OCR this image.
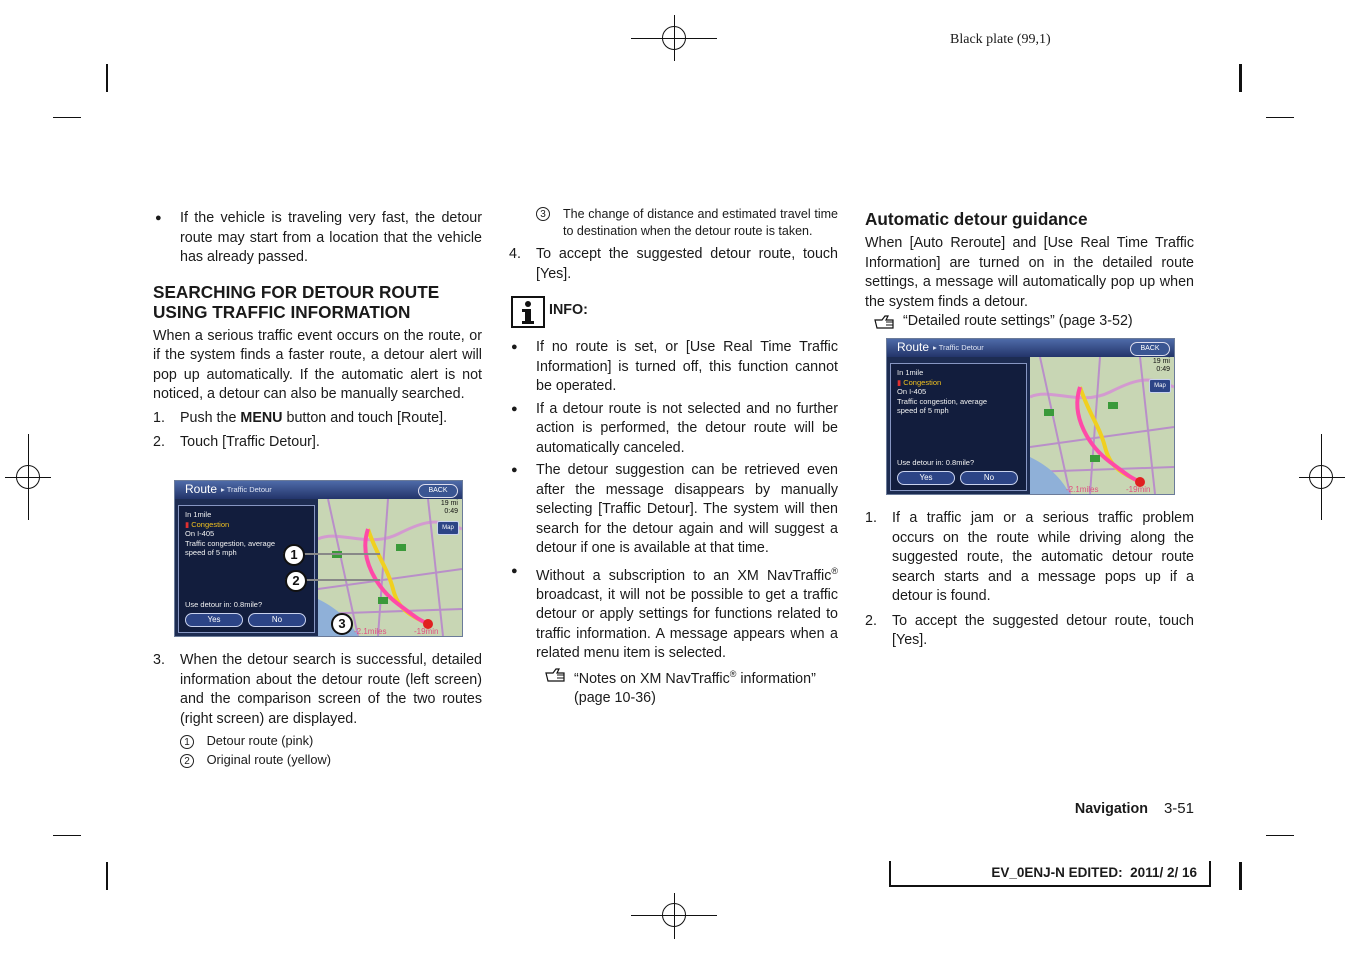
Black plate (99,1)
● If the vehicle is traveling very fast, the detour route may start from a location that the vehicle has already passed.
SEARCHING FOR DETOUR ROUTE
USING TRAFFIC INFORMATION

When a serious traffic event occurs on the route, or if the system finds a faster route, a detour alert will pop up automatically. If the automatic alert is not noticed, a detour can also be manually searched.

1. Push the MENU button and touch [Route].
2. Touch [Traffic Detour].
Route ▸ Traffic Detour	BACK
In 1mile
▮ Congestion
On I-405
Traffic congestion, average
speed of 5 mph
Use detour in: 0.8mile?
Yes	No
Map
19 mi
0:49
-2.1miles	-19min
1
2
3
3. When the detour search is successful, detailed information about the detour route (left screen) and the comparison screen of the two routes (right screen) are displayed.
1 Detour route (pink)
2 Original route (yellow)
3	The change of distance and estimated travel time to destination when the detour route is taken.
4. To accept the suggested detour route, touch [Yes].
INFO:
● If no route is set, or [Use Real Time Traffic Information] is turned off, this function cannot be operated.
● If a detour route is not selected and no further action is performed, the detour route will be automatically canceled.
● The detour suggestion can be retrieved even after the message disappears by manually selecting [Traffic Detour]. The system will then search for the detour again and will suggest a detour if one is available at that time.
● Without a subscription to an XM NavTraffic® broadcast, it will not be possible to get a traffic detour or apply settings for functions related to traffic information. A message appears when a related menu item is selected.
“Notes on XM NavTraffic® information” (page 10-36)
Automatic detour guidance

When [Auto Reroute] and [Use Real Time Traffic Information] are turned on in the detailed route settings, a message will automatically pop up when the system finds a detour.

“Detailed route settings” (page 3-52)
Route ▸ Traffic Detour	BACK
In 1mile
▮ Congestion
On I-405
Traffic congestion, average
speed of 5 mph
Use detour in: 0.8mile?
Yes	No
Map
19 mi
0:49
-2.1miles	-19min
1. If a traffic jam or a serious traffic problem occurs on the route while driving along the suggested route, the automatic detour route search starts and a message pops up if a detour is found.
2. To accept the suggested detour route, touch [Yes].
Navigation 3-51
EV_0ENJ-N EDITED:  2011/ 2/ 16
